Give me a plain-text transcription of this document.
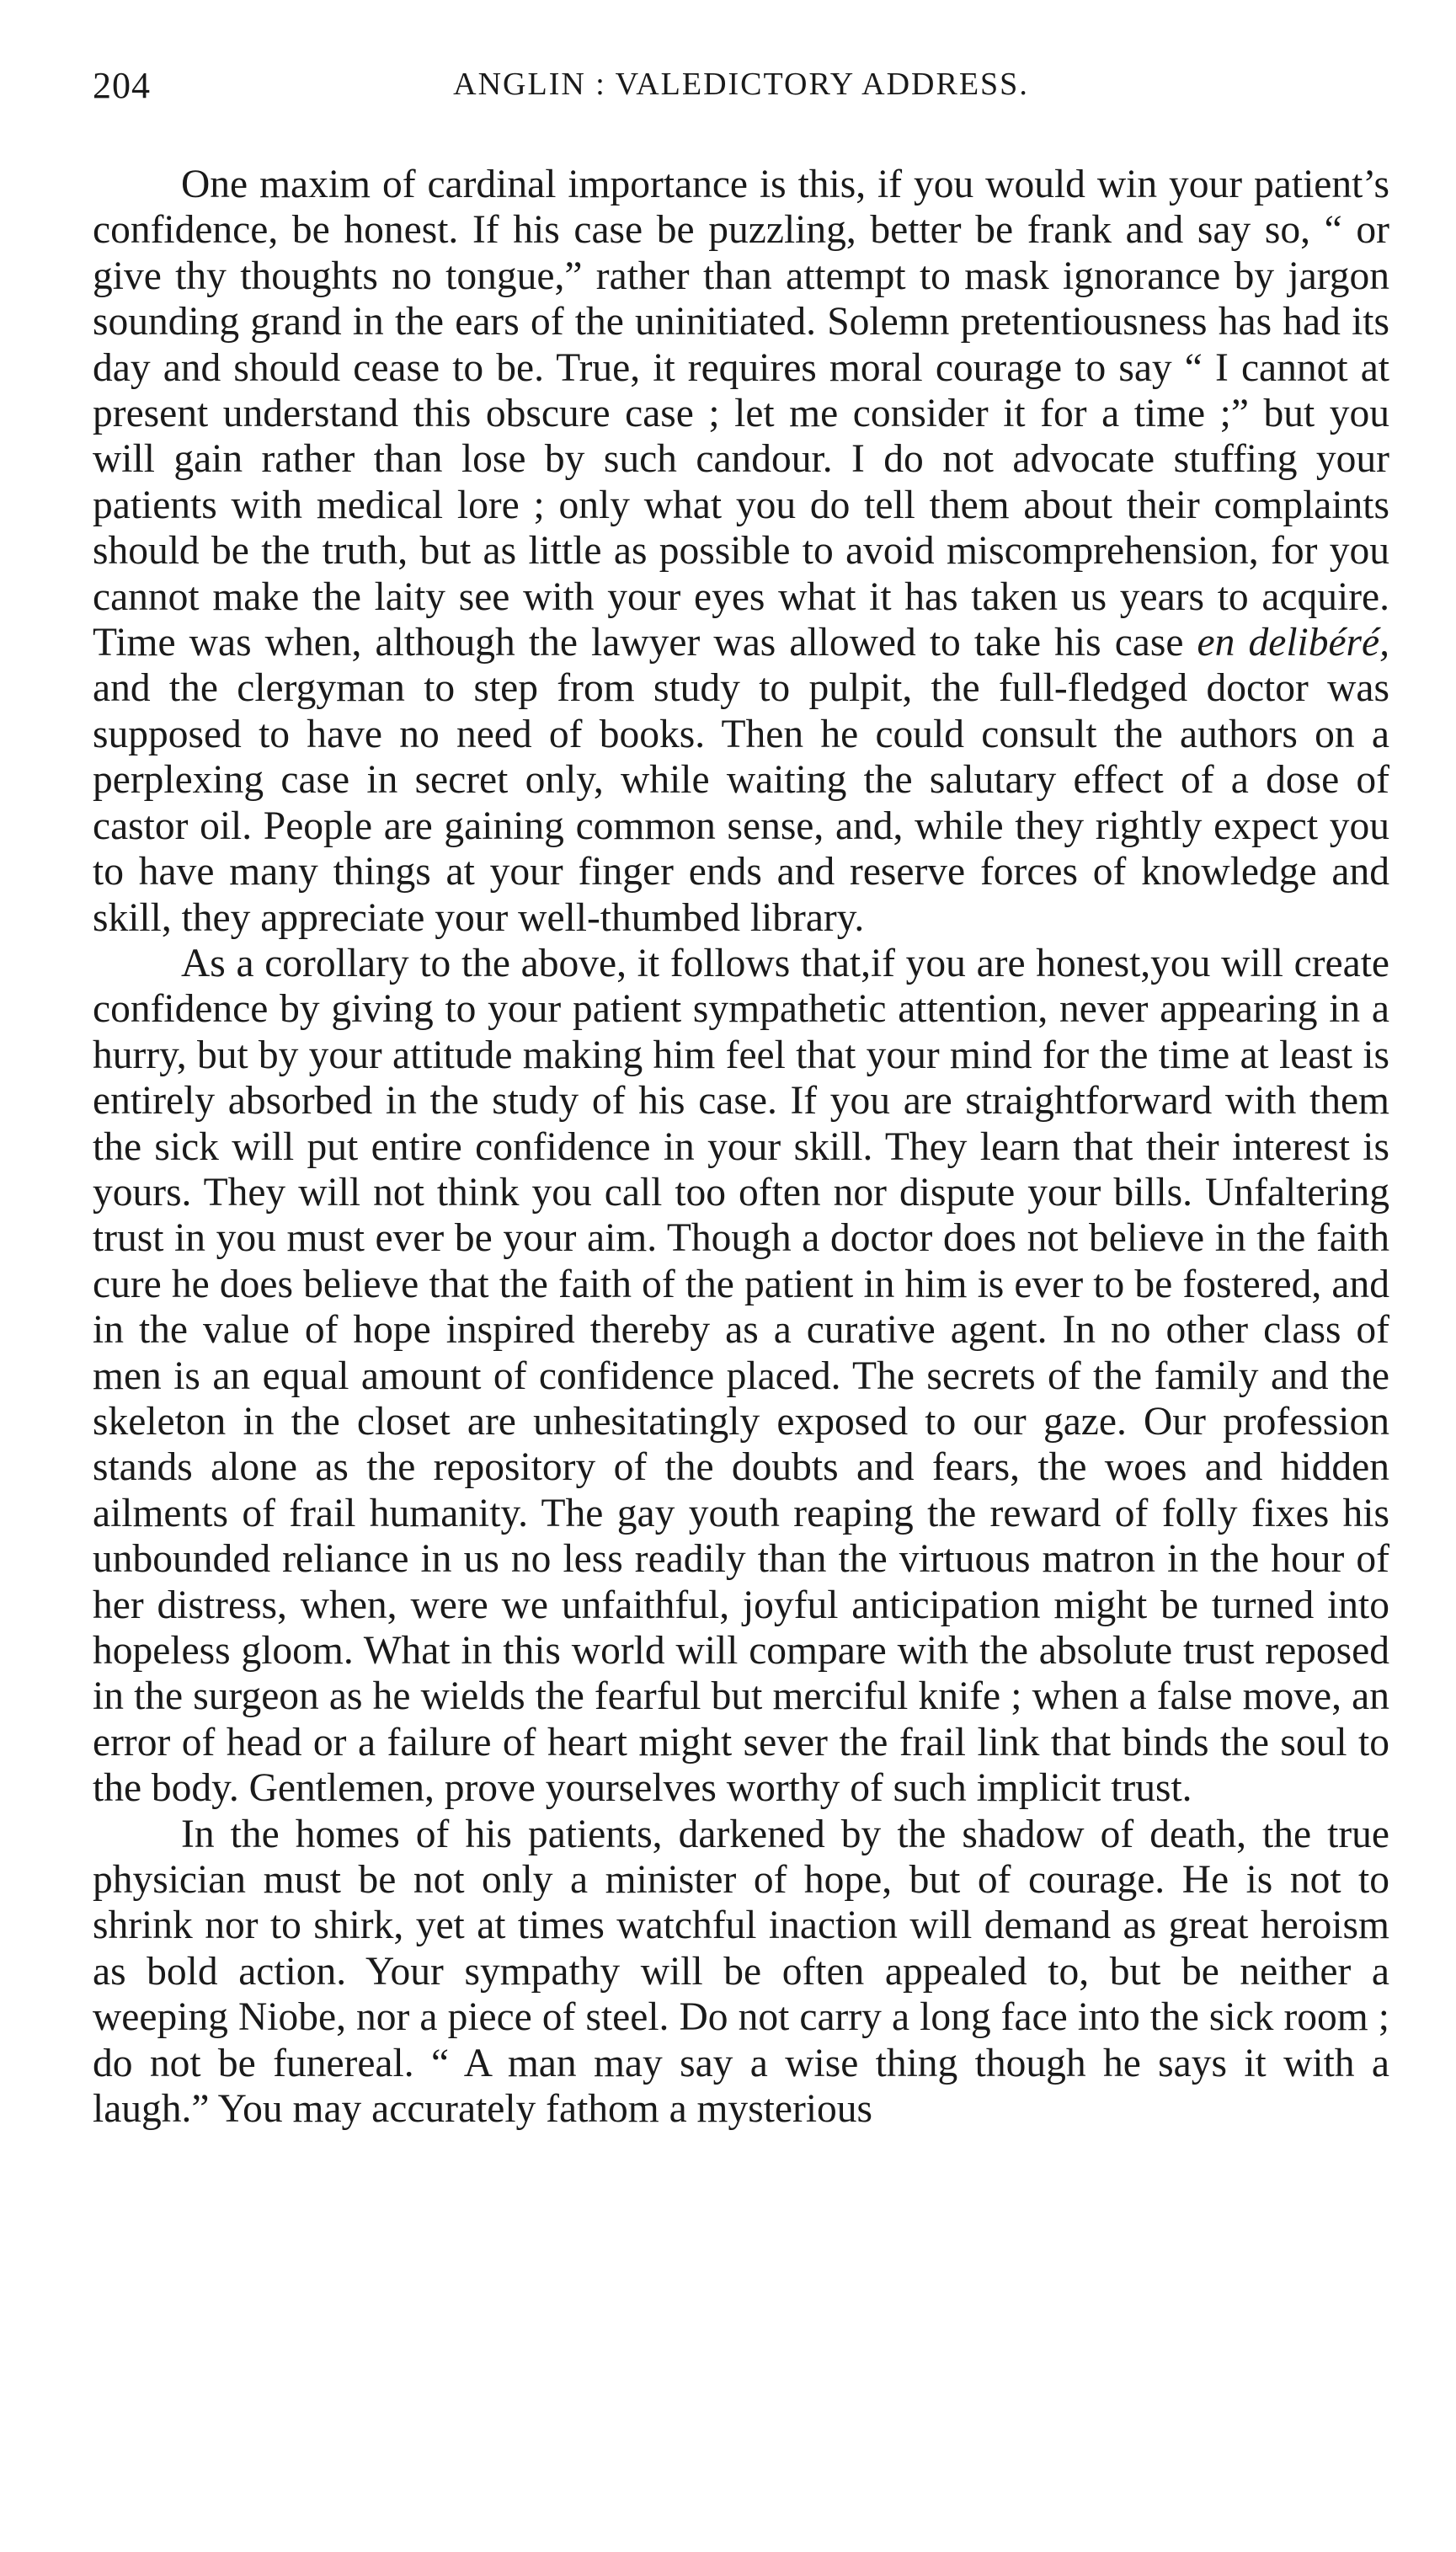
204	ANGLIN : VALEDICTORY ADDRESS.

One maxim of cardinal importance is this, if you would win your patient’s confidence, be honest. If his case be puzzling, better be frank and say so, “ or give thy thoughts no tongue,” rather than attempt to mask ignorance by jargon sounding grand in the ears of the uninitiated. Solemn pretentiousness has had its day and should cease to be. True, it requires moral courage to say “ I cannot at present understand this obscure case ; let me consider it for a time ;” but you will gain rather than lose by such candour. I do not advocate stuffing your patients with medical lore ; only what you do tell them about their complaints should be the truth, but as little as possible to avoid miscomprehension, for you cannot make the laity see with your eyes what it has taken us years to acquire. Time was when, although the lawyer was allowed to take his case en delibéré, and the clergyman to step from study to pulpit, the full-fledged doctor was supposed to have no need of books. Then he could consult the authors on a perplexing case in secret only, while waiting the salutary effect of a dose of castor oil. People are gaining common sense, and, while they rightly expect you to have many things at your finger ends and reserve forces of knowledge and skill, they appreciate your well-thumbed library.

As a corollary to the above, it follows that,if you are honest,you will create confidence by giving to your patient sympathetic attention, never appearing in a hurry, but by your attitude making him feel that your mind for the time at least is entirely absorbed in the study of his case. If you are straightforward with them the sick will put entire confidence in your skill. They learn that their interest is yours. They will not think you call too often nor dispute your bills. Unfaltering trust in you must ever be your aim. Though a doctor does not believe in the faith cure he does believe that the faith of the patient in him is ever to be fostered, and in the value of hope inspired thereby as a curative agent. In no other class of men is an equal amount of confidence placed. The secrets of the family and the skeleton in the closet are unhesitatingly exposed to our gaze. Our profession stands alone as the repository of the doubts and fears, the woes and hidden ailments of frail humanity. The gay youth reaping the reward of folly fixes his unbounded reliance in us no less readily than the virtuous matron in the hour of her distress, when, were we unfaithful, joyful anticipation might be turned into hopeless gloom. What in this world will compare with the absolute trust reposed in the surgeon as he wields the fearful but merciful knife ; when a false move, an error of head or a failure of heart might sever the frail link that binds the soul to the body. Gentlemen, prove yourselves worthy of such implicit trust.

In the homes of his patients, darkened by the shadow of death, the true physician must be not only a minister of hope, but of courage. He is not to shrink nor to shirk, yet at times watchful inaction will demand as great heroism as bold action. Your sympathy will be often appealed to, but be neither a weeping Niobe, nor a piece of steel. Do not carry a long face into the sick room ; do not be funereal. “ A man may say a wise thing though he says it with a laugh.” You may accurately fathom a mysterious
